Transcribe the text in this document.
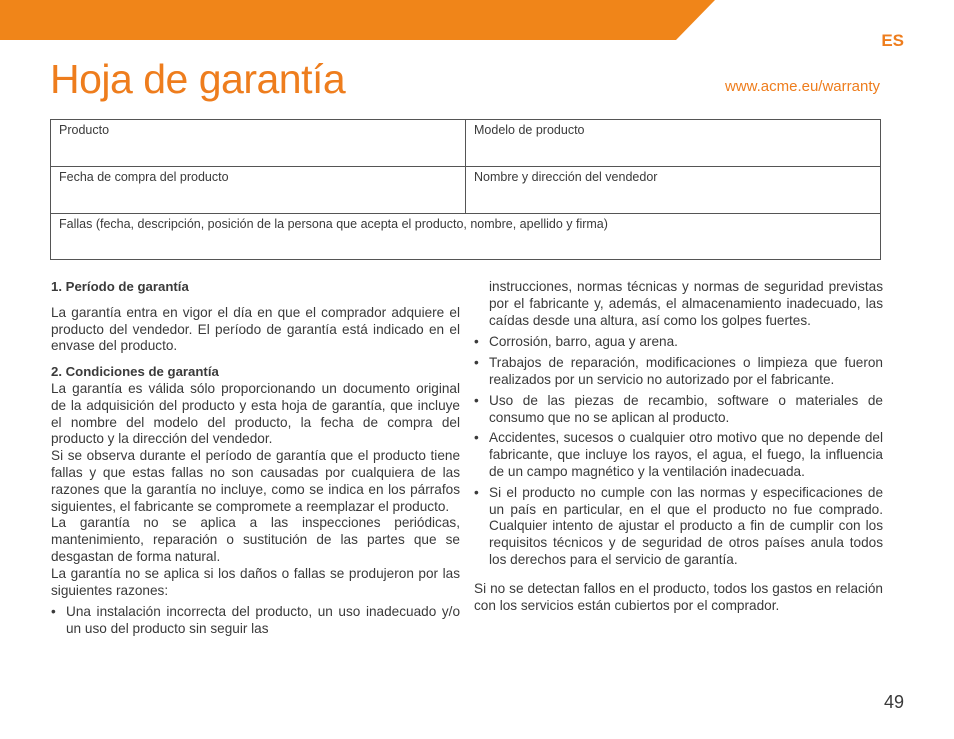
ES
Hoja de garantía	www.acme.eu/warranty
Producto	Modelo de producto
Fecha de compra del producto	Nombre y dirección del vendedor
Fallas (fecha, descripción, posición de la persona que acepta el producto, nombre, apellido y firma)
1. Período de garantía

La garantía entra en vigor el día en que el comprador adquiere el producto del vendedor. El período de garantía está indicado en el envase del producto.

2. Condiciones de garantía

La garantía es válida sólo proporcionando un documento original de la adquisición del producto y esta hoja de garantía, que incluye el nombre del modelo del producto, la fecha de compra del producto y la dirección del vendedor.

Si se observa durante el período de garantía que el producto tiene fallas y que estas fallas no son causadas por cualquiera de las razones que la garantía no incluye, como se indica en los párrafos siguientes, el fabricante se compromete a reemplazar el producto.

La garantía no se aplica a las inspecciones periódicas, mantenimiento, reparación o sustitución de las partes que se desgastan de forma natural.

La garantía no se aplica si los daños o fallas se produjeron por las siguientes razones:

• Una instalación incorrecta del producto, un uso inadecuado y/o un uso del producto sin seguir las

instrucciones, normas técnicas y normas de seguridad previstas por el fabricante y, además, el almacenamiento inadecuado, las caídas desde una altura, así como los golpes fuertes.

• Corrosión, barro, agua y arena.

• Trabajos de reparación, modificaciones o limpieza que fueron realizados por un servicio no autorizado por el fabricante.

• Uso de las piezas de recambio, software o materiales de consumo que no se aplican al producto.

• Accidentes, sucesos o cualquier otro motivo que no depende del fabricante, que incluye los rayos, el agua, el fuego, la influencia de un campo magnético y la ventilación inadecuada.

• Si el producto no cumple con las normas y especificaciones de un país en particular, en el que el producto no fue comprado. Cualquier intento de ajustar el producto a fin de cumplir con los requisitos técnicos y de seguridad de otros países anula todos los derechos para el servicio de garantía.

Si no se detectan fallos en el producto, todos los gastos en relación con los servicios están cubiertos por el comprador.

49
